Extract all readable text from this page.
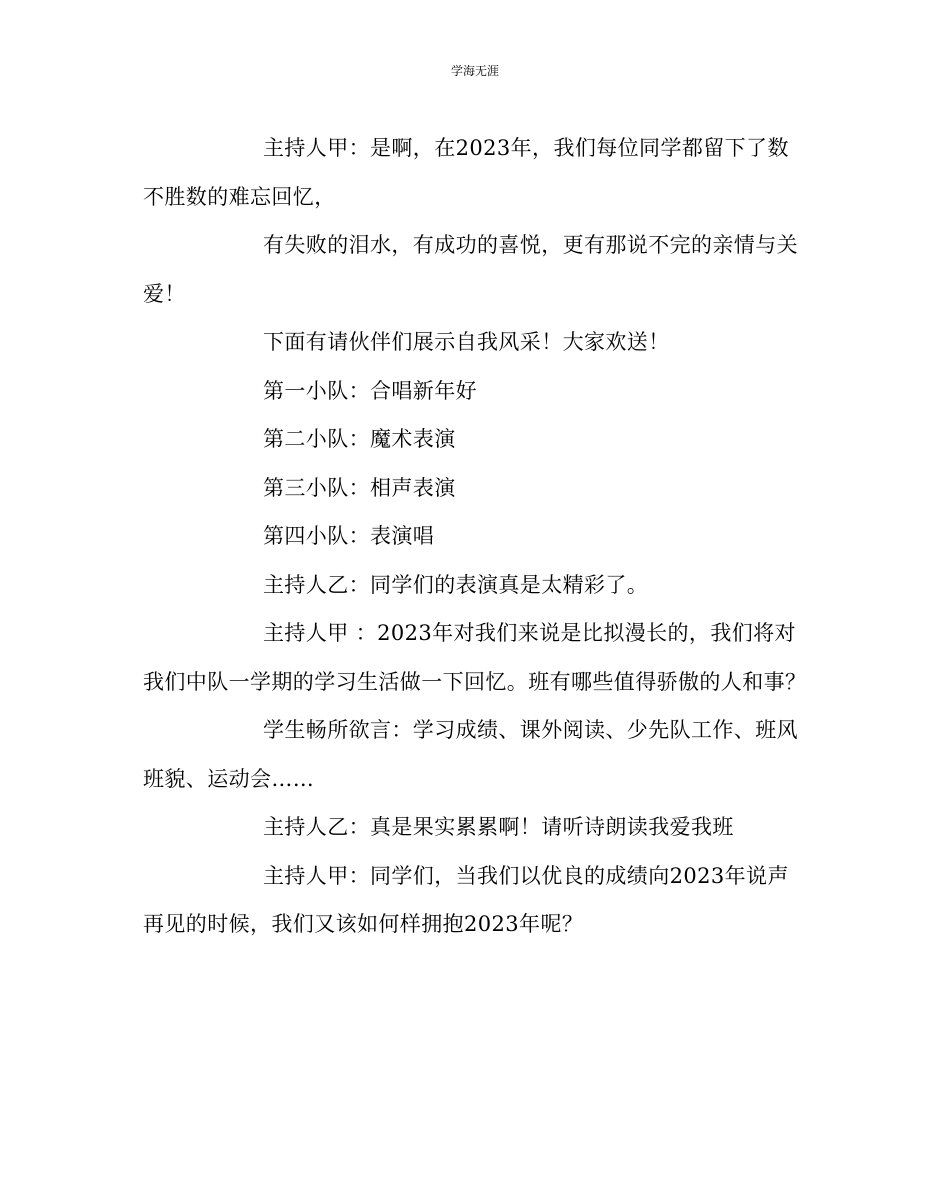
学海无涯

主持人甲：是啊，在2023年，我们每位同学都留下了数不胜数的难忘回忆，

有失败的泪水，有成功的喜悦，更有那说不完的亲情与关爱！

下面有请伙伴们展示自我风采！大家欢送！

第一小队：合唱新年好

第二小队：魔术表演

第三小队：相声表演

第四小队：表演唱

主持人乙：同学们的表演真是太精彩了。

主持人甲 ：2023年对我们来说是比拟漫长的，我们将对我们中队一学期的学习生活做一下回忆。班有哪些值得骄傲的人和事？

学生畅所欲言：学习成绩、课外阅读、少先队工作、班风班貌、运动会……

主持人乙：真是果实累累啊！请听诗朗读我爱我班

主持人甲：同学们，当我们以优良的成绩向2023年说声再见的时候，我们又该如何样拥抱2023年呢？
